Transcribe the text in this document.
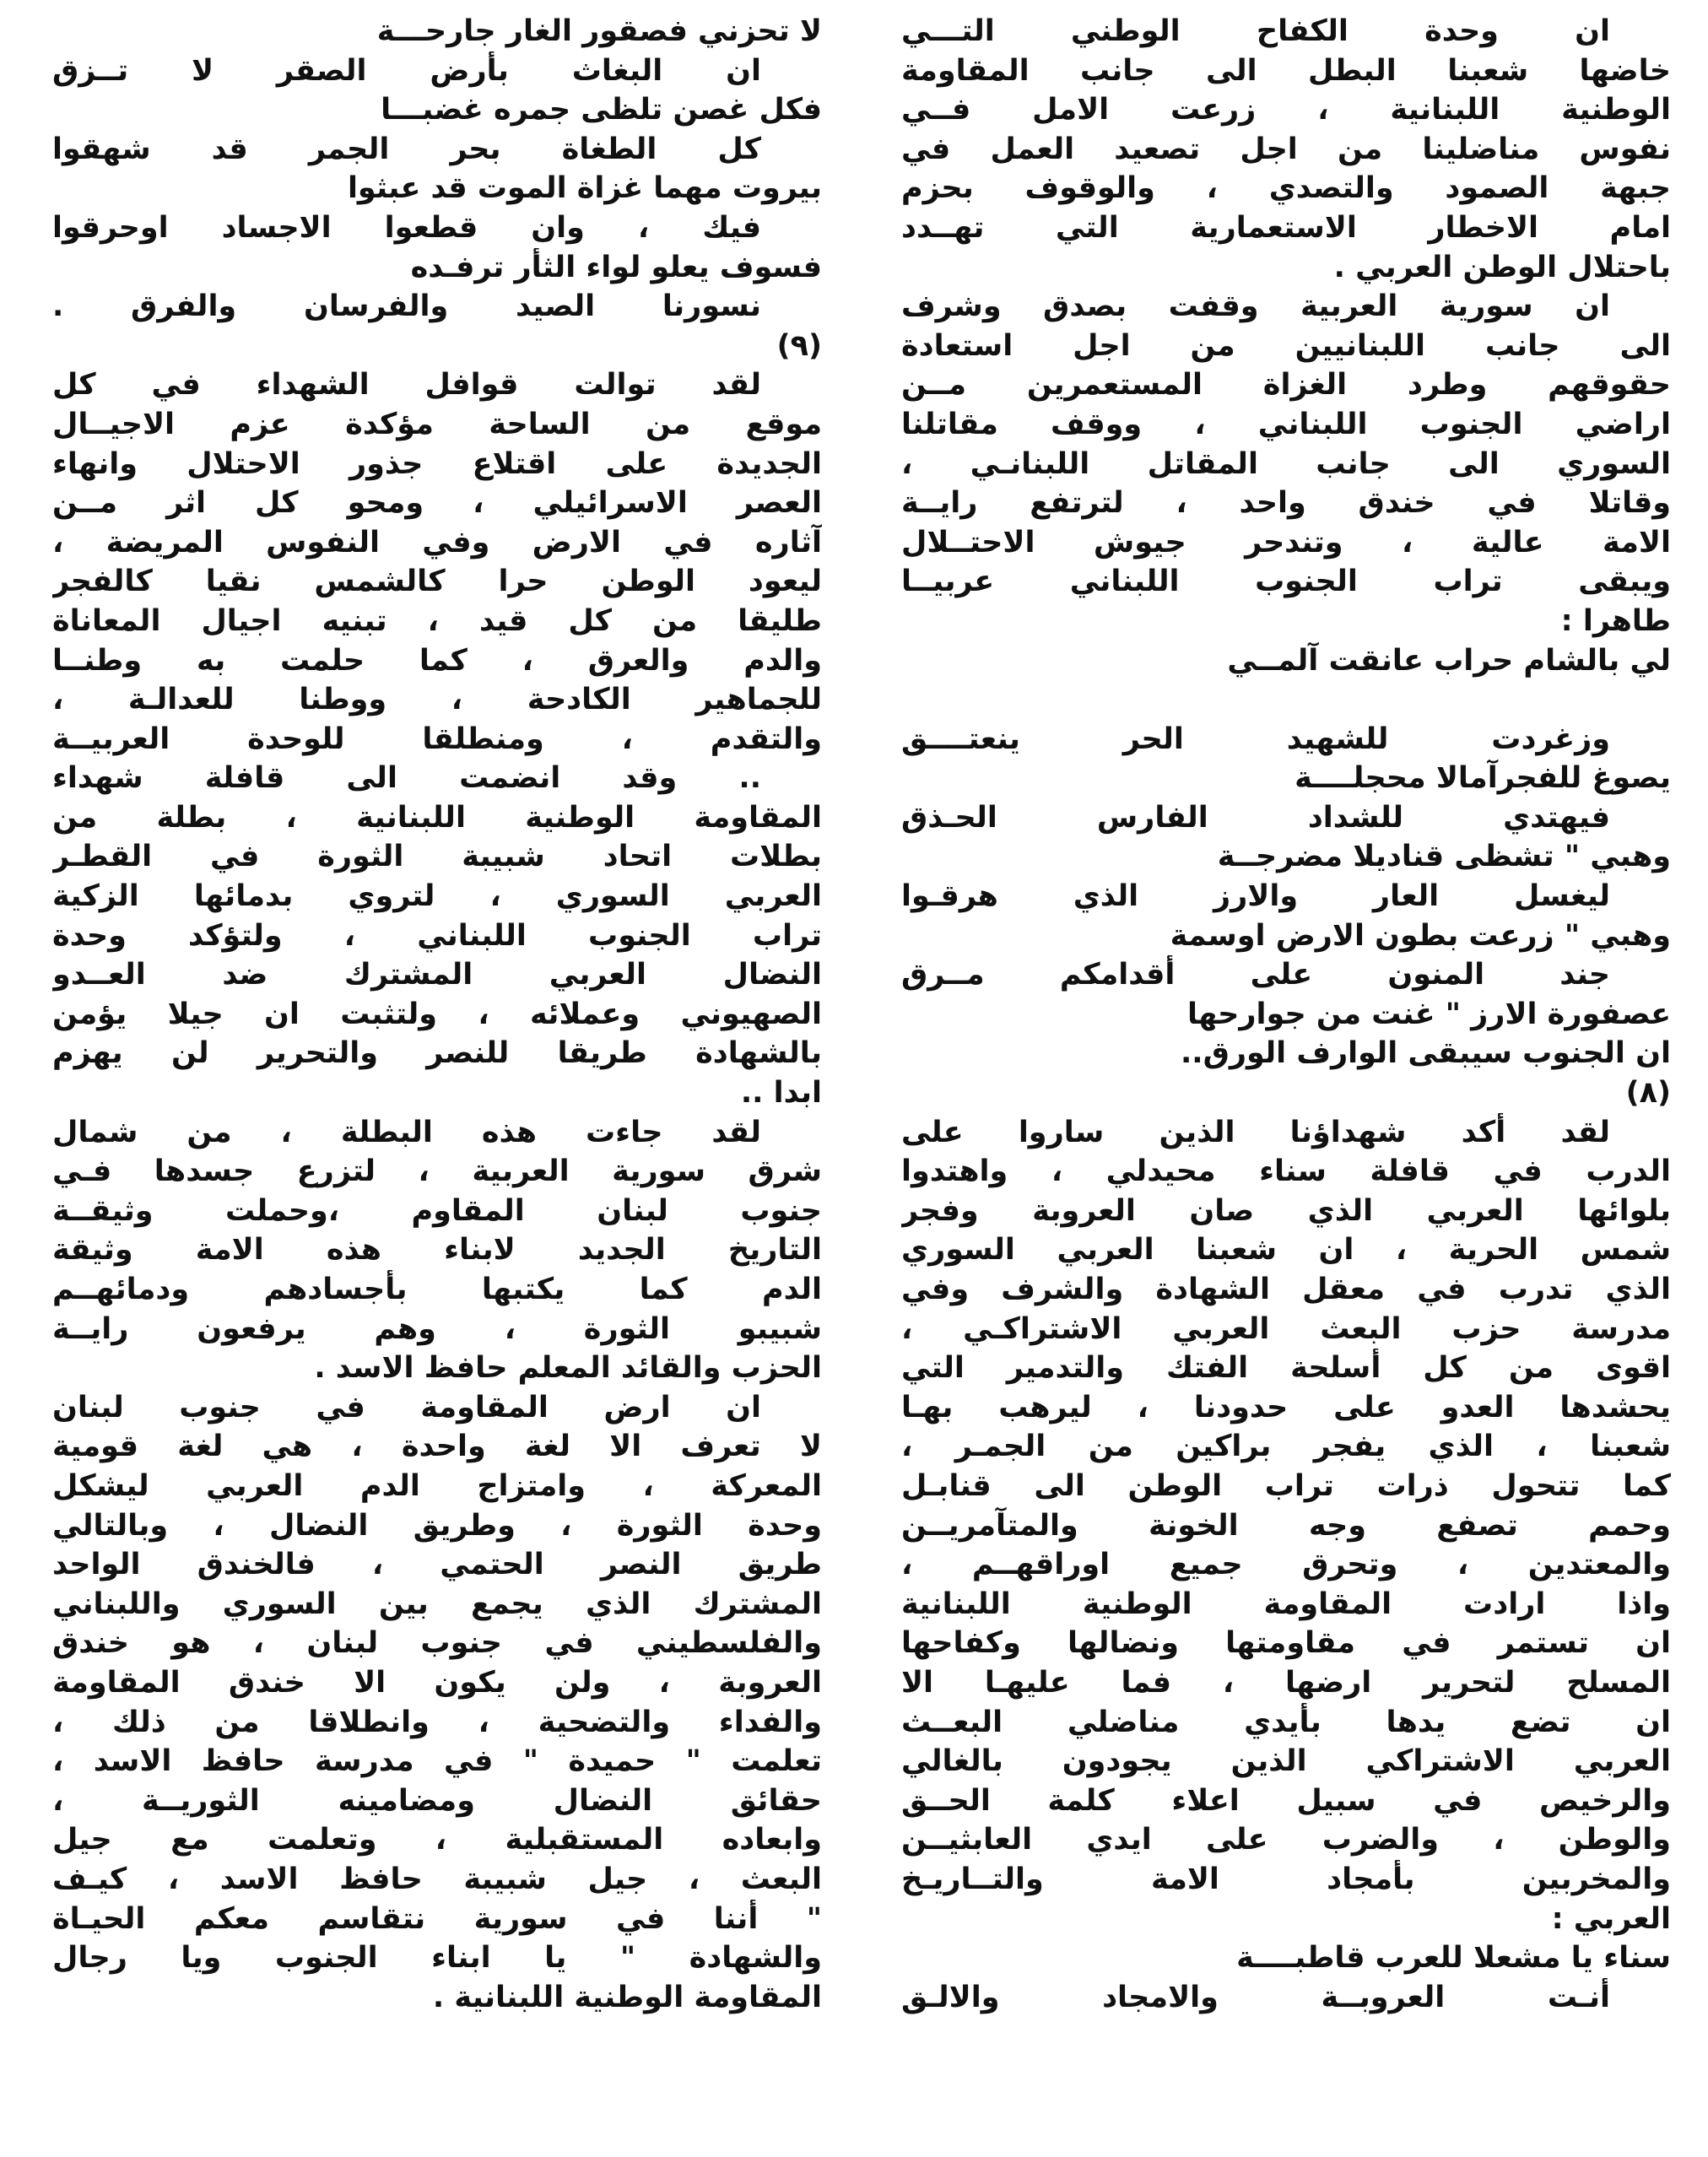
ان وحدة الكفاح الوطني التـــي
خاضها شعبنا البطل الى جانب المقاومة
الوطنية اللبنانية ، زرعت الامل فــي
نفوس مناضلينا من اجل تصعيد العمل في
جبهة الصمود والتصدي ، والوقوف بحزم
امام الاخطار الاستعمارية التي تهــدد
باحتلال الوطن العربي .
ان سورية العربية وقفت بصدق وشرف
الى جانب اللبنانيين من اجل استعادة
حقوقهم وطرد الغزاة المستعمرين مــن
اراضي الجنوب اللبناني ، ووقف مقاتلنا
السوري الى جانب المقاتل اللبنانـي ،
وقاتلا في خندق واحد ، لترتفع رايــة
الامة عالية ، وتندحر جيوش الاحتــلال
ويبقى تراب الجنوب اللبناني عربيــا
طاهرا :
لي بالشام حراب عانقت آلمــي
وزغردت للشهيد الحر ينعتــــق
يصوغ للفجرآمالا محجلــــة
فيهتدي للشداد الفارس الحـذق
وهبي " تشظى قناديلا مضرجــة
ليغسل العار والارز الذي هرقـوا
وهبي " زرعت بطون الارض اوسمة
جند المنون على أقدامكم مــرق
عصفورة الارز " غنت من جوارحها
ان الجنوب سيبقى الوارف الورق..
(٨)
لقد أكد شهداؤنا الذين ساروا على
الدرب في قافلة سناء محيدلي ، واهتدوا
بلوائها العربي الذي صان العروبة وفجر
شمس الحرية ، ان شعبنا العربي السوري
الذي تدرب في معقل الشهادة والشرف وفي
مدرسة حزب البعث العربي الاشتراكـي ،
اقوى من كل أسلحة الفتك والتدمير التي
يحشدها العدو على حدودنا ، ليرهب بهـا
شعبنا ، الذي يفجر براكين من الجمـر ،
كما تتحول ذرات تراب الوطن الى قنابـل
وحمم تصفع وجه الخونة والمتآمريــن
والمعتدين ، وتحرق جميع اوراقهــم ،
واذا ارادت المقاومة الوطنية اللبنانية
ان تستمر في مقاومتها ونضالها وكفاحها
المسلح لتحرير ارضها ، فما عليهـا الا
ان تضع يدها بأيدي مناضلي البعــث
العربي الاشتراكي الذين يجودون بالغالي
والرخيص في سبيل اعلاء كلمة الحــق
والوطن ، والضرب على ايدي العابثيــن
والمخربين بأمجاد الامة والتــاريـخ
العربي :
سناء يا مشعلا للعرب قاطبــــة
أنـت العروبــة والامجاد والالـق
لا تحزني فصقور الغار جارحـــة
ان البغاث بأرض الصقر لا تــزق
فكل غصن تلظى جمره غضبـــا
كل الطغاة بحر الجمر قد شهقوا
بيروت مهما غزاة الموت قد عبثوا
فيك ، وان قطعوا الاجساد اوحرقوا
فسوف يعلو لواء الثأر ترفـده
نسورنا الصيد والفرسان والفرق .
(٩)
لقد توالت قوافل الشهداء في كل
موقع من الساحة مؤكدة عزم الاجيــال
الجديدة على اقتلاع جذور الاحتلال وانهاء
العصر الاسرائيلي ، ومحو كل اثر مــن
آثاره في الارض وفي النفوس المريضة ،
ليعود الوطن حرا كالشمس نقيا كالفجر
طليقا من كل قيد ، تبنيه اجيال المعاناة
والدم والعرق ، كما حلمت به وطنــا
للجماهير الكادحة ، ووطنا للعدالـة ،
والتقدم ، ومنطلقا للوحدة العربيــة
.. وقد انضمت الى قافلة شهداء
المقاومة الوطنية اللبنانية ، بطلة من
بطلات اتحاد شبيبة الثورة في القطـر
العربي السوري ، لتروي بدمائها الزكية
تراب الجنوب اللبناني ، ولتؤكد وحدة
النضال العربي المشترك ضد العــدو
الصهيوني وعملائه ، ولتثبت ان جيلا يؤمن
بالشهادة طريقا للنصر والتحرير لن يهزم
ابدا ..
لقد جاءت هذه البطلة ، من شمال
شرق سورية العربية ، لتزرع جسدها فـي
جنوب لبنان المقاوم ،وحملت وثيقــة
التاريخ الجديد لابناء هذه الامة وثيقة
الدم كما يكتبها بأجسادهم ودمائهــم
شبيبو الثورة ، وهم يرفعون رايــة
الحزب والقائد المعلم حافظ الاسد .
ان ارض المقاومة في جنوب لبنان
لا تعرف الا لغة واحدة ، هي لغة قومية
المعركة ، وامتزاج الدم العربي ليشكل
وحدة الثورة ، وطريق النضال ، وبالتالي
طريق النصر الحتمي ، فالخندق الواحد
المشترك الذي يجمع بين السوري واللبناني
والفلسطيني في جنوب لبنان ، هو خندق
العروبة ، ولن يكون الا خندق المقاومة
والفداء والتضحية ، وانطلاقا من ذلك ،
تعلمت " حميدة " في مدرسة حافظ الاسد ،
حقائق النضال ومضامينه الثوريــة ،
وابعاده المستقبلية ، وتعلمت مع جيل
البعث ، جيل شبيبة حافظ الاسد ، كيـف
" أننا في سورية نتقاسم معكم الحيـاة
والشهادة " يا ابناء الجنوب ويا رجال
المقاومة الوطنية اللبنانية .
